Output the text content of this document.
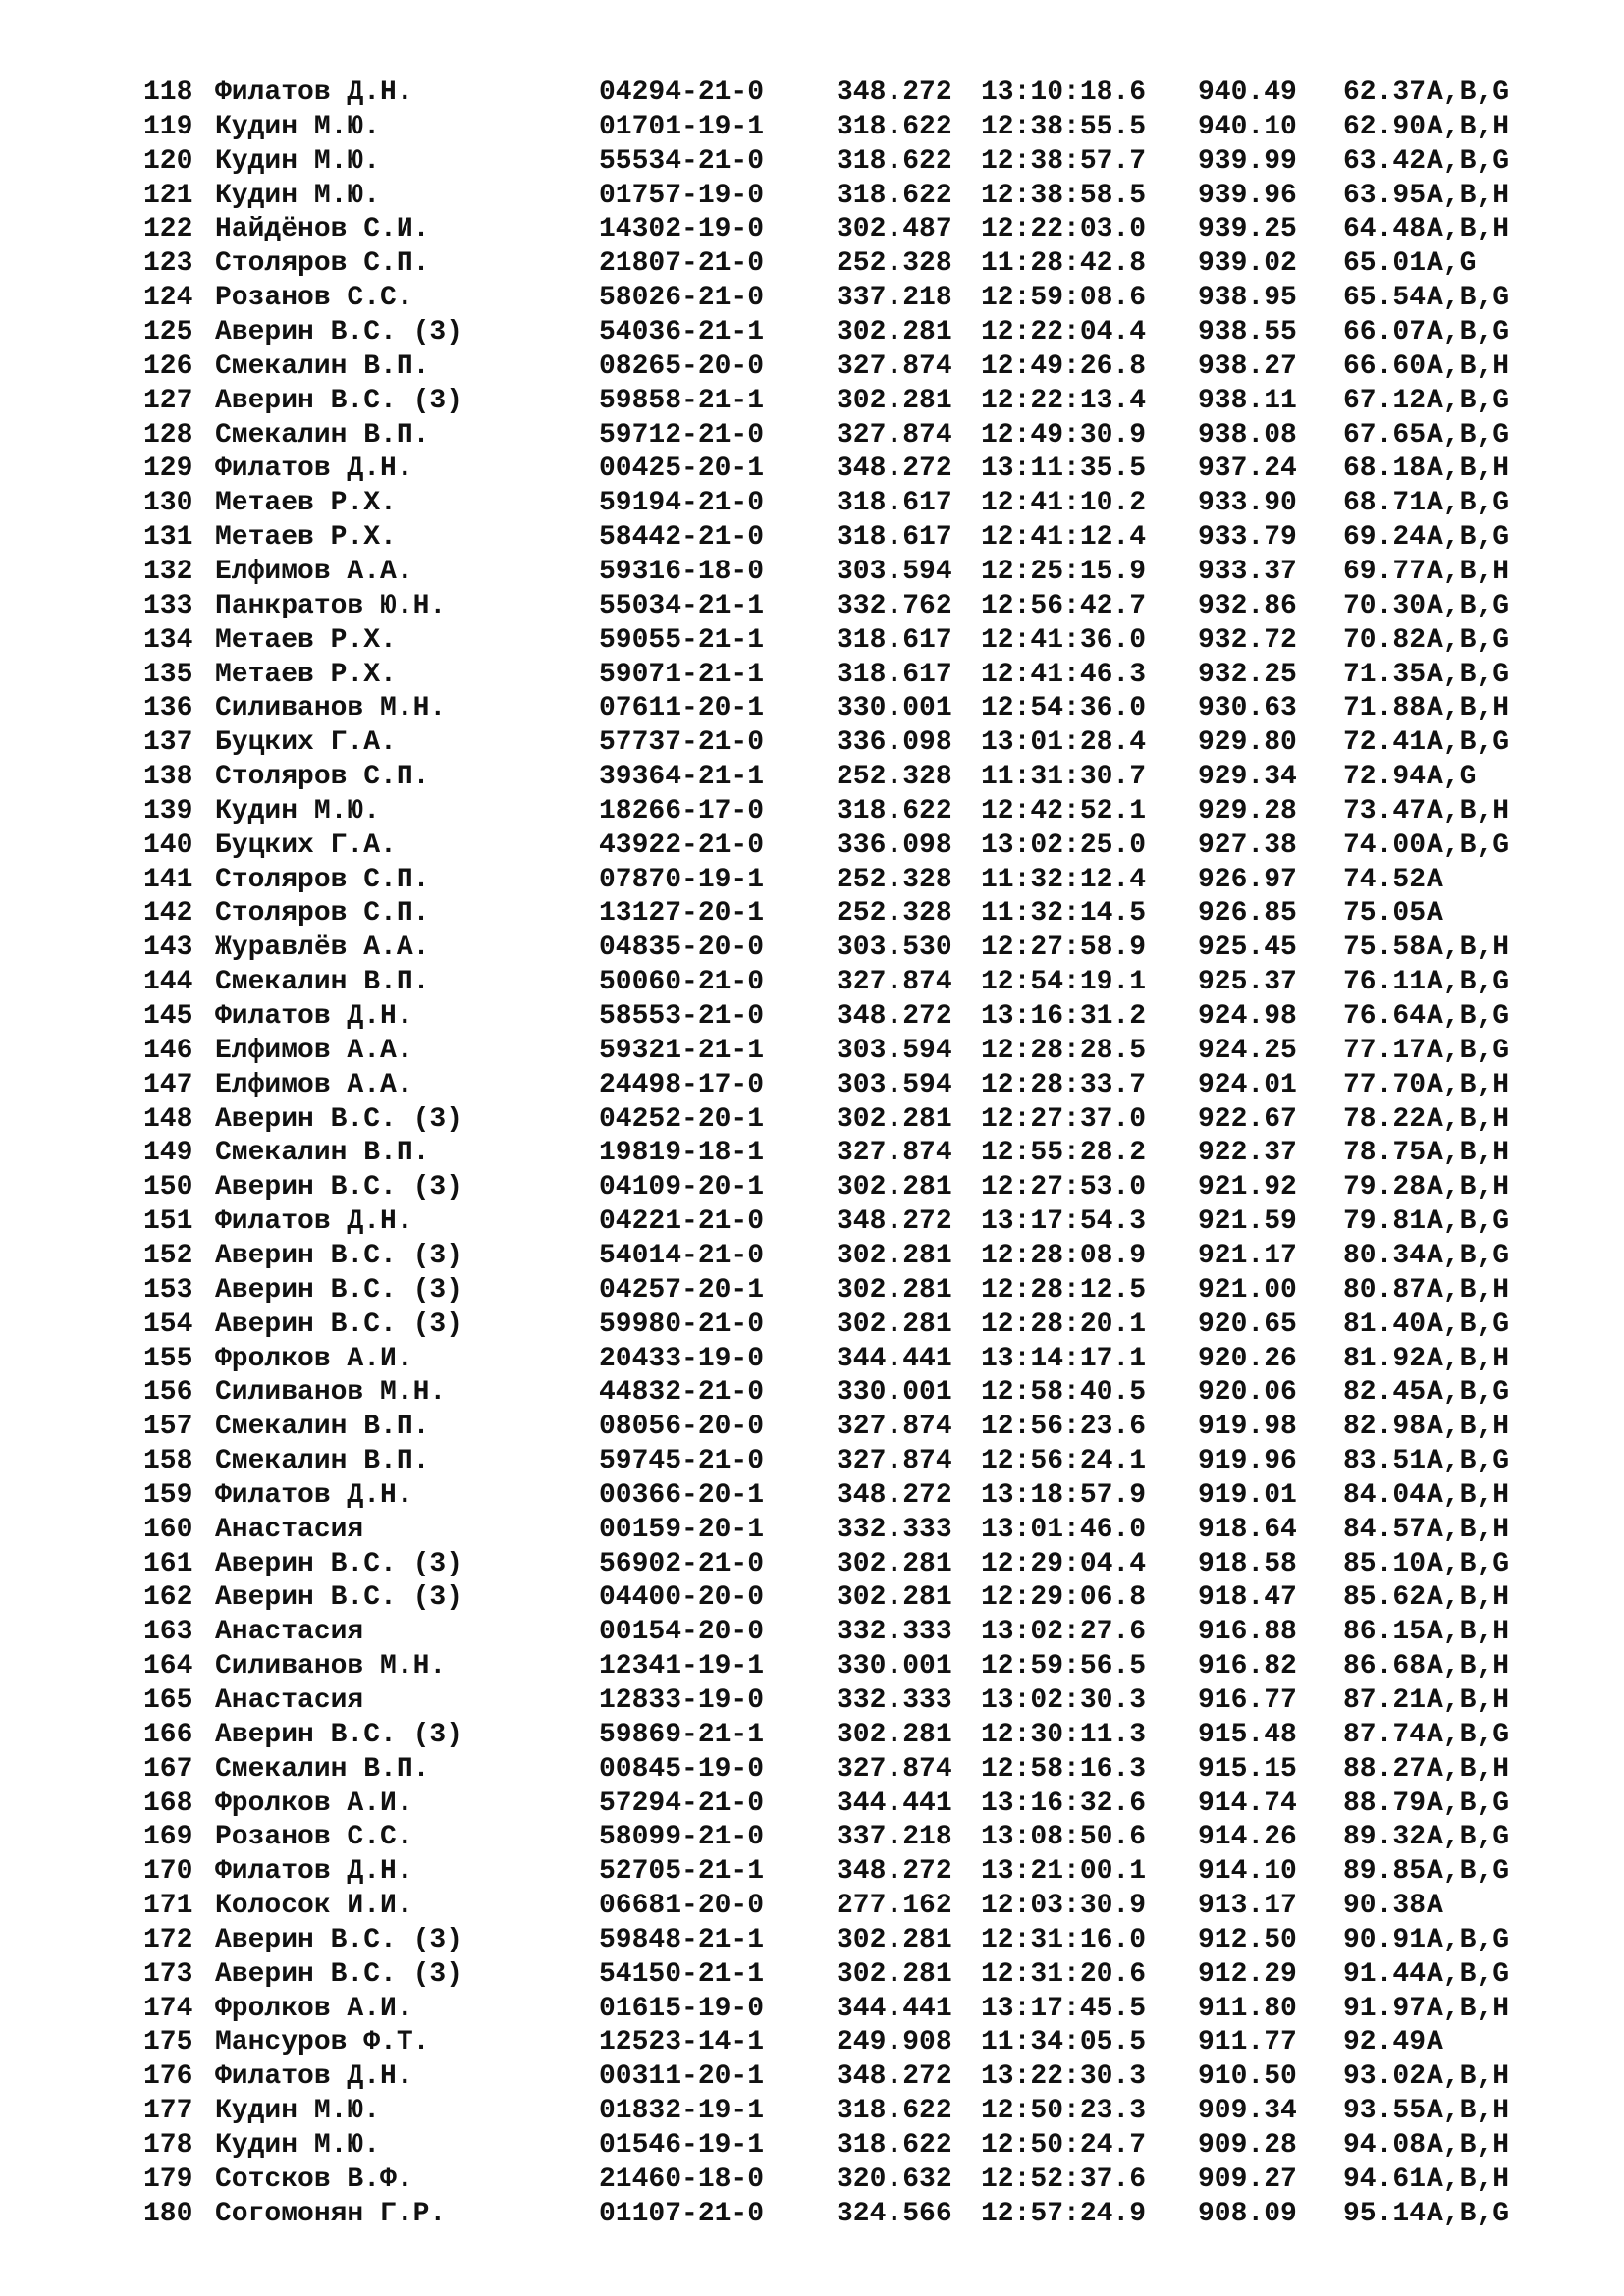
118 Филатов Д.Н.	04294-21-0	348.272 13:10:18.6 940.49 62.37 A,B,G
119 Кудин М.Ю.	01701-19-1	318.622 12:38:55.5 940.10 62.90 A,B,H
120 Кудин М.Ю.	55534-21-0	318.622 12:38:57.7 939.99 63.42 A,B,G
121 Кудин М.Ю.	01757-19-0	318.622 12:38:58.5 939.96 63.95 A,B,H
122 Найдёнов С.И.	14302-19-0	302.487 12:22:03.0 939.25 64.48 A,B,H
123 Столяров С.П.	21807-21-0	252.328 11:28:42.8 939.02 65.01 A,G
124 Розанов С.С.	58026-21-0	337.218 12:59:08.6 938.95 65.54 A,B,G
125 Аверин В.С. (3)	54036-21-1	302.281 12:22:04.4 938.55 66.07 A,B,G
126 Смекалин В.П.	08265-20-0	327.874 12:49:26.8 938.27 66.60 A,B,H
127 Аверин В.С. (3)	59858-21-1	302.281 12:22:13.4 938.11 67.12 A,B,G
128 Смекалин В.П.	59712-21-0	327.874 12:49:30.9 938.08 67.65 A,B,G
129 Филатов Д.Н.	00425-20-1	348.272 13:11:35.5 937.24 68.18 A,B,H
130 Метаев Р.Х.	59194-21-0	318.617 12:41:10.2 933.90 68.71 A,B,G
131 Метаев Р.Х.	58442-21-0	318.617 12:41:12.4 933.79 69.24 A,B,G
132 Елфимов А.А.	59316-18-0	303.594 12:25:15.9 933.37 69.77 A,B,H
133 Панкратов Ю.Н.	55034-21-1	332.762 12:56:42.7 932.86 70.30 A,B,G
134 Метаев Р.Х.	59055-21-1	318.617 12:41:36.0 932.72 70.82 A,B,G
135 Метаев Р.Х.	59071-21-1	318.617 12:41:46.3 932.25 71.35 A,B,G
136 Силиванов М.Н.	07611-20-1	330.001 12:54:36.0 930.63 71.88 A,B,H
137 Буцких Г.А.	57737-21-0	336.098 13:01:28.4 929.80 72.41 A,B,G
138 Столяров С.П.	39364-21-1	252.328 11:31:30.7 929.34 72.94 A,G
139 Кудин М.Ю.	18266-17-0	318.622 12:42:52.1 929.28 73.47 A,B,H
140 Буцких Г.А.	43922-21-0	336.098 13:02:25.0 927.38 74.00 A,B,G
141 Столяров С.П.	07870-19-1	252.328 11:32:12.4 926.97 74.52 A
142 Столяров С.П.	13127-20-1	252.328 11:32:14.5 926.85 75.05 A
143 Журавлёв А.А.	04835-20-0	303.530 12:27:58.9 925.45 75.58 A,B,H
144 Смекалин В.П.	50060-21-0	327.874 12:54:19.1 925.37 76.11 A,B,G
145 Филатов Д.Н.	58553-21-0	348.272 13:16:31.2 924.98 76.64 A,B,G
146 Елфимов А.А.	59321-21-1	303.594 12:28:28.5 924.25 77.17 A,B,G
147 Елфимов А.А.	24498-17-0	303.594 12:28:33.7 924.01 77.70 A,B,H
148 Аверин В.С. (3)	04252-20-1	302.281 12:27:37.0 922.67 78.22 A,B,H
149 Смекалин В.П.	19819-18-1	327.874 12:55:28.2 922.37 78.75 A,B,H
150 Аверин В.С. (3)	04109-20-1	302.281 12:27:53.0 921.92 79.28 A,B,H
151 Филатов Д.Н.	04221-21-0	348.272 13:17:54.3 921.59 79.81 A,B,G
152 Аверин В.С. (3)	54014-21-0	302.281 12:28:08.9 921.17 80.34 A,B,G
153 Аверин В.С. (3)	04257-20-1	302.281 12:28:12.5 921.00 80.87 A,B,H
154 Аверин В.С. (3)	59980-21-0	302.281 12:28:20.1 920.65 81.40 A,B,G
155 Фролков А.И.	20433-19-0	344.441 13:14:17.1 920.26 81.92 A,B,H
156 Силиванов М.Н.	44832-21-0	330.001 12:58:40.5 920.06 82.45 A,B,G
157 Смекалин В.П.	08056-20-0	327.874 12:56:23.6 919.98 82.98 A,B,H
158 Смекалин В.П.	59745-21-0	327.874 12:56:24.1 919.96 83.51 A,B,G
159 Филатов Д.Н.	00366-20-1	348.272 13:18:57.9 919.01 84.04 A,B,H
160 Анастасия	00159-20-1	332.333 13:01:46.0 918.64 84.57 A,B,H
161 Аверин В.С. (3)	56902-21-0	302.281 12:29:04.4 918.58 85.10 A,B,G
162 Аверин В.С. (3)	04400-20-0	302.281 12:29:06.8 918.47 85.62 A,B,H
163 Анастасия	00154-20-0	332.333 13:02:27.6 916.88 86.15 A,B,H
164 Силиванов М.Н.	12341-19-1	330.001 12:59:56.5 916.82 86.68 A,B,H
165 Анастасия	12833-19-0	332.333 13:02:30.3 916.77 87.21 A,B,H
166 Аверин В.С. (3)	59869-21-1	302.281 12:30:11.3 915.48 87.74 A,B,G
167 Смекалин В.П.	00845-19-0	327.874 12:58:16.3 915.15 88.27 A,B,H
168 Фролков А.И.	57294-21-0	344.441 13:16:32.6 914.74 88.79 A,B,G
169 Розанов С.С.	58099-21-0	337.218 13:08:50.6 914.26 89.32 A,B,G
170 Филатов Д.Н.	52705-21-1	348.272 13:21:00.1 914.10 89.85 A,B,G
171 Колосок И.И.	06681-20-0	277.162 12:03:30.9 913.17 90.38 A
172 Аверин В.С. (3)	59848-21-1	302.281 12:31:16.0 912.50 90.91 A,B,G
173 Аверин В.С. (3)	54150-21-1	302.281 12:31:20.6 912.29 91.44 A,B,G
174 Фролков А.И.	01615-19-0	344.441 13:17:45.5 911.80 91.97 A,B,H
175 Мансуров Ф.Т.	12523-14-1	249.908 11:34:05.5 911.77 92.49 A
176 Филатов Д.Н.	00311-20-1	348.272 13:22:30.3 910.50 93.02 A,B,H
177 Кудин М.Ю.	01832-19-1	318.622 12:50:23.3 909.34 93.55 A,B,H
178 Кудин М.Ю.	01546-19-1	318.622 12:50:24.7 909.28 94.08 A,B,H
179 Сотсков В.Ф.	21460-18-0	320.632 12:52:37.6 909.27 94.61 A,B,H
180 Согомонян Г.Р.	01107-21-0	324.566 12:57:24.9 908.09 95.14 A,B,G
